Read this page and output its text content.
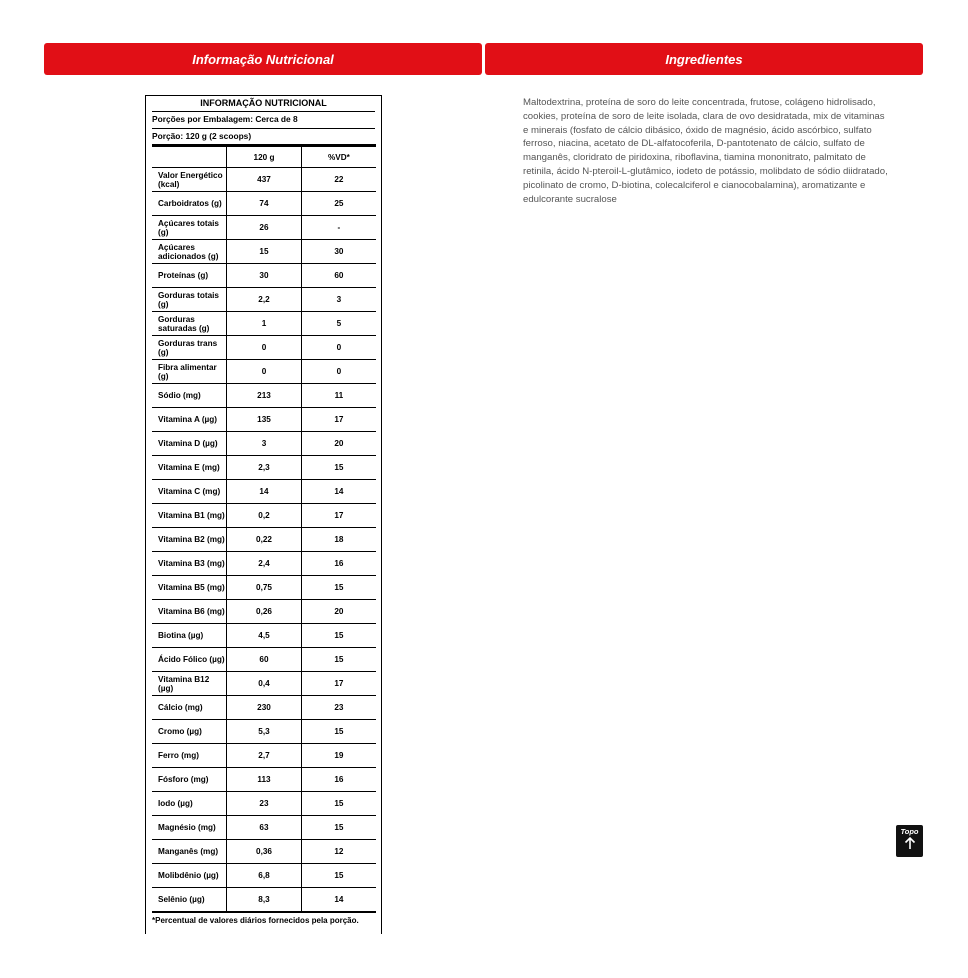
Informação Nutricional	Ingredientes
INFORMAÇÃO NUTRICIONAL
Porções por Embalagem: Cerca de 8
Porção: 120 g (2 scoops)
	120 g	%VD*
Valor Energético (kcal)	437	22
Carboidratos (g)	74	25
Açúcares totais (g)	26	-
Açúcares adicionados (g)	15	30
Proteínas (g)	30	60
Gorduras totais (g)	2,2	3
Gorduras saturadas (g)	1	5
Gorduras trans (g)	0	0
Fibra alimentar (g)	0	0
Sódio (mg)	213	11
Vitamina A (µg)	135	17
Vitamina D (µg)	3	20
Vitamina E (mg)	2,3	15
Vitamina C (mg)	14	14
Vitamina B1 (mg)	0,2	17
Vitamina B2 (mg)	0,22	18
Vitamina B3 (mg)	2,4	16
Vitamina B5 (mg)	0,75	15
Vitamina B6 (mg)	0,26	20
Biotina (µg)	4,5	15
Ácido Fólico (µg)	60	15
Vitamina B12 (µg)	0,4	17
Cálcio (mg)	230	23
Cromo (µg)	5,3	15
Ferro (mg)	2,7	19
Fósforo (mg)	113	16
Iodo (µg)	23	15
Magnésio (mg)	63	15
Manganês (mg)	0,36	12
Molibdênio (µg)	6,8	15
Selênio (µg)	8,3	14
*Percentual de valores diários fornecidos pela porção.
Maltodextrina, proteína de soro do leite concentrada, frutose, colágeno hidrolisado, cookies, proteína de soro de leite isolada, clara de ovo desidratada, mix de vitaminas e minerais (fosfato de cálcio dibásico, óxido de magnésio, ácido ascórbico, sulfato ferroso, niacina, acetato de DL-alfatocoferila, D-pantotenato de cálcio, sulfato de manganês, cloridrato de piridoxina, riboflavina, tiamina mononitrato, palmitato de retinila, ácido N-pteroil-L-glutâmico, iodeto de potássio, molibdato de sódio diidratado, picolinato de cromo, D-biotina, colecalciferol e cianocobalamina), aromatizante e edulcorante sucralose
Topo
